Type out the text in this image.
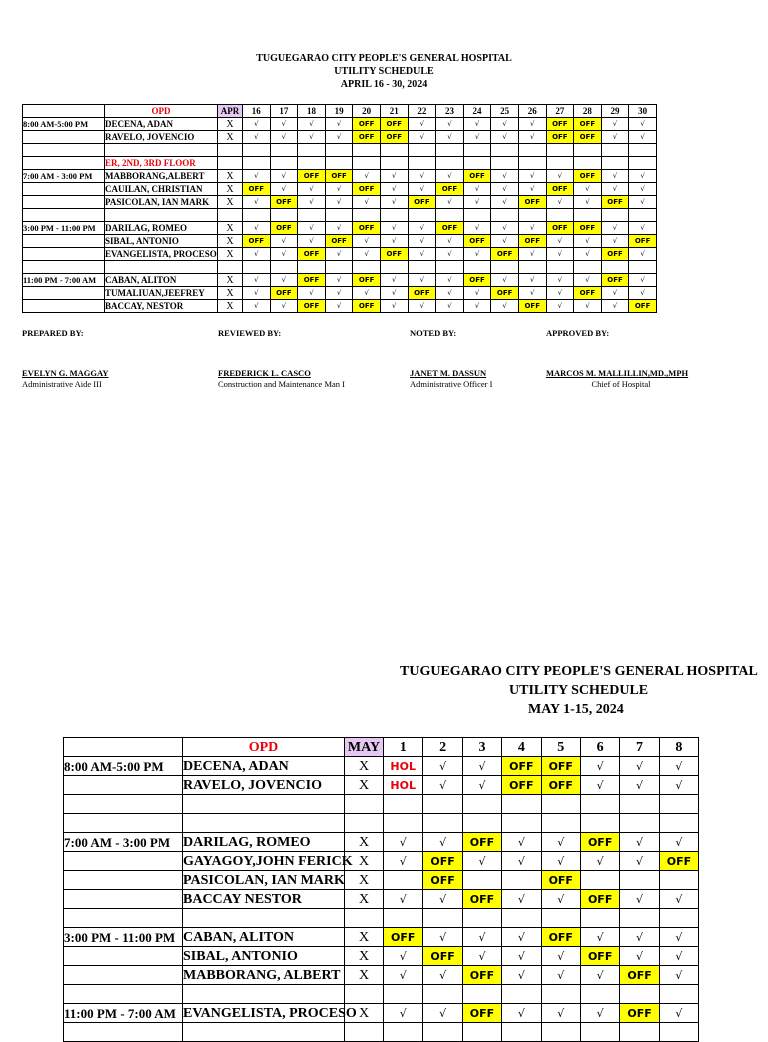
TUGUEGARAO CITY PEOPLE'S GENERAL HOSPITAL
UTILITY SCHEDULE
APRIL 16 - 30, 2024
	OPD	APR	16	17	18	19	20	21	22	23	24	25	26	27	28	29	30
8:00 AM-5:00 PM	DECENA, ADAN	X	√	√	√	√	OFF	OFF	√	√	√	√	√	OFF	OFF	√	√
	RAVELO, JOVENCIO	X	√	√	√	√	OFF	OFF	√	√	√	√	√	OFF	OFF	√	√

	ER, 2ND, 3RD FLOOR																
7:00 AM - 3:00 PM	MABBORANG,ALBERT	X	√	√	OFF	OFF	√	√	√	√	OFF	√	√	√	OFF	√	√
	CAUILAN, CHRISTIAN	X	OFF	√	√	√	OFF	√	√	OFF	√	√	√	OFF	√	√	√
	PASICOLAN, IAN MARK	X	√	OFF	√	√	√	√	OFF	√	√	√	OFF	√	√	OFF	√

3:00 PM - 11:00 PM	DARILAG, ROMEO	X	√	OFF	√	√	OFF	√	√	OFF	√	√	√	OFF	OFF	√	√
	SIBAL, ANTONIO	X	OFF	√	√	OFF	√	√	√	√	OFF	√	OFF	√	√	√	OFF
	EVANGELISTA, PROCESO	X	√	√	OFF	√	√	OFF	√	√	√	OFF	√	√	√	OFF	√

11:00 PM - 7:00 AM	CABAN, ALITON	X	√	√	OFF	√	OFF	√	√	√	OFF	√	√	√	√	OFF	√
	TUMALIUAN,JEEFREY	X	√	OFF	√	√	√	√	OFF	√	√	OFF	√	√	OFF	√	√
	BACCAY, NESTOR	X	√	√	OFF	√	OFF	√	√	√	√	√	OFF	√	√	√	OFF
PREPARED BY:
EVELYN G. MAGGAY
Administrative Aide III
REVIEWED BY:
FREDERICK L. CASCO
Construction and Maintenance Man I
NOTED BY:
JANET M. DASSUN
Administrative Officer I
APPROVED BY:
MARCOS M. MALLILLIN,MD.,MPH
Chief of Hospital
TUGUEGARAO CITY PEOPLE'S GENERAL HOSPITAL
UTILITY SCHEDULE
MAY 1-15, 2024
	OPD	MAY	1	2	3	4	5	6	7	8
8:00 AM-5:00 PM	DECENA, ADAN	X	HOL	√	√	OFF	OFF	√	√	√
	RAVELO, JOVENCIO	X	HOL	√	√	OFF	OFF	√	√	√

7:00 AM - 3:00 PM	DARILAG, ROMEO	X	√	√	OFF	√	√	OFF	√	√
	GAYAGOY,JOHN FERICK	X	√	OFF	√	√	√	√	√	OFF
	PASICOLAN, IAN MARK	X		OFF			OFF			
	BACCAY NESTOR	X	√	√	OFF	√	√	OFF	√	√

3:00 PM - 11:00 PM	CABAN, ALITON	X	OFF	√	√	√	OFF	√	√	√
	SIBAL, ANTONIO	X	√	OFF	√	√	√	OFF	√	√
	MABBORANG, ALBERT	X	√	√	OFF	√	√	√	OFF	√

11:00 PM - 7:00 AM	EVANGELISTA, PROCESO	X	√	√	OFF	√	√	√	OFF	√
